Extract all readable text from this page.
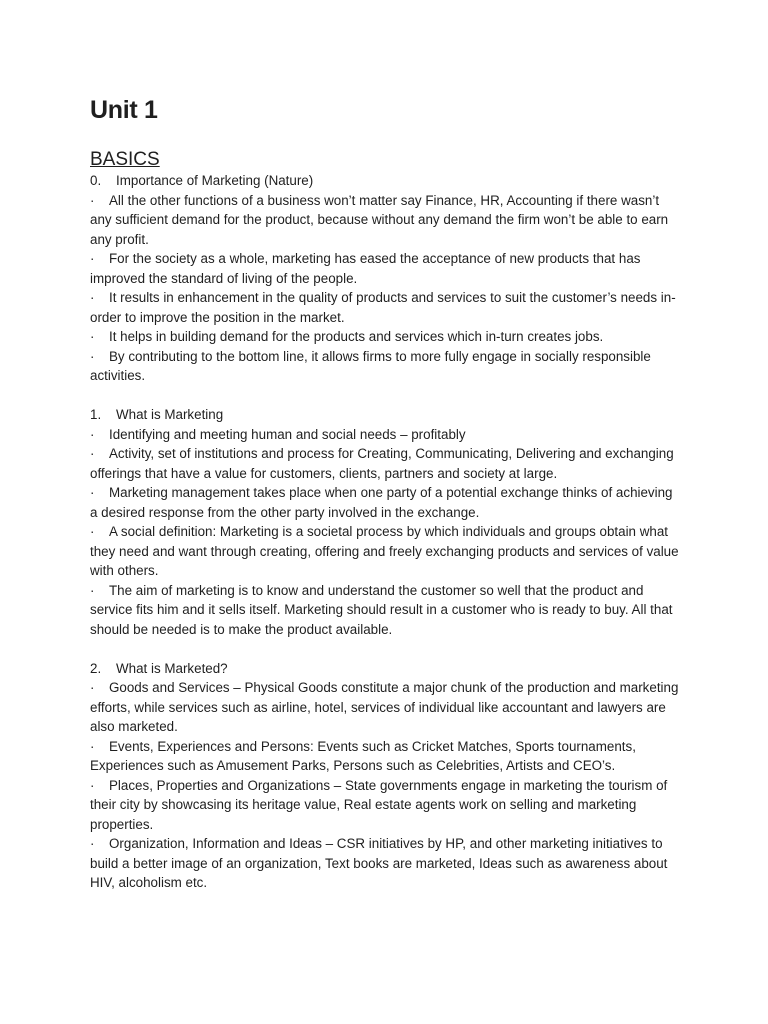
Unit 1
BASICS

0. Importance of Marketing (Nature)

· All the other functions of a business won’t matter say Finance, HR, Accounting if there wasn’t any sufficient demand for the product, because without any demand the firm won’t be able to earn any profit.

· For the society as a whole, marketing has eased the acceptance of new products that has improved the standard of living of the people.

· It results in enhancement in the quality of products and services to suit the customer’s needs in-order to improve the position in the market.

· It helps in building demand for the products and services which in-turn creates jobs.

· By contributing to the bottom line, it allows firms to more fully engage in socially responsible activities.

1. What is Marketing

· Identifying and meeting human and social needs – profitably

· Activity, set of institutions and process for Creating, Communicating, Delivering and exchanging offerings that have a value for customers, clients, partners and society at large.

· Marketing management takes place when one party of a potential exchange thinks of achieving a desired response from the other party involved in the exchange.

· A social definition: Marketing is a societal process by which individuals and groups obtain what they need and want through creating, offering and freely exchanging products and services of value with others.

· The aim of marketing is to know and understand the customer so well that the product and service fits him and it sells itself. Marketing should result in a customer who is ready to buy. All that should be needed is to make the product available.

2. What is Marketed?

· Goods and Services – Physical Goods constitute a major chunk of the production and marketing efforts, while services such as airline, hotel, services of individual like accountant and lawyers are also marketed.

· Events, Experiences and Persons: Events such as Cricket Matches, Sports tournaments, Experiences such as Amusement Parks, Persons such as Celebrities, Artists and CEO’s.

· Places, Properties and Organizations – State governments engage in marketing the tourism of their city by showcasing its heritage value, Real estate agents work on selling and marketing properties.

· Organization, Information and Ideas – CSR initiatives by HP, and other marketing initiatives to build a better image of an organization, Text books are marketed, Ideas such as awareness about HIV, alcoholism etc.
